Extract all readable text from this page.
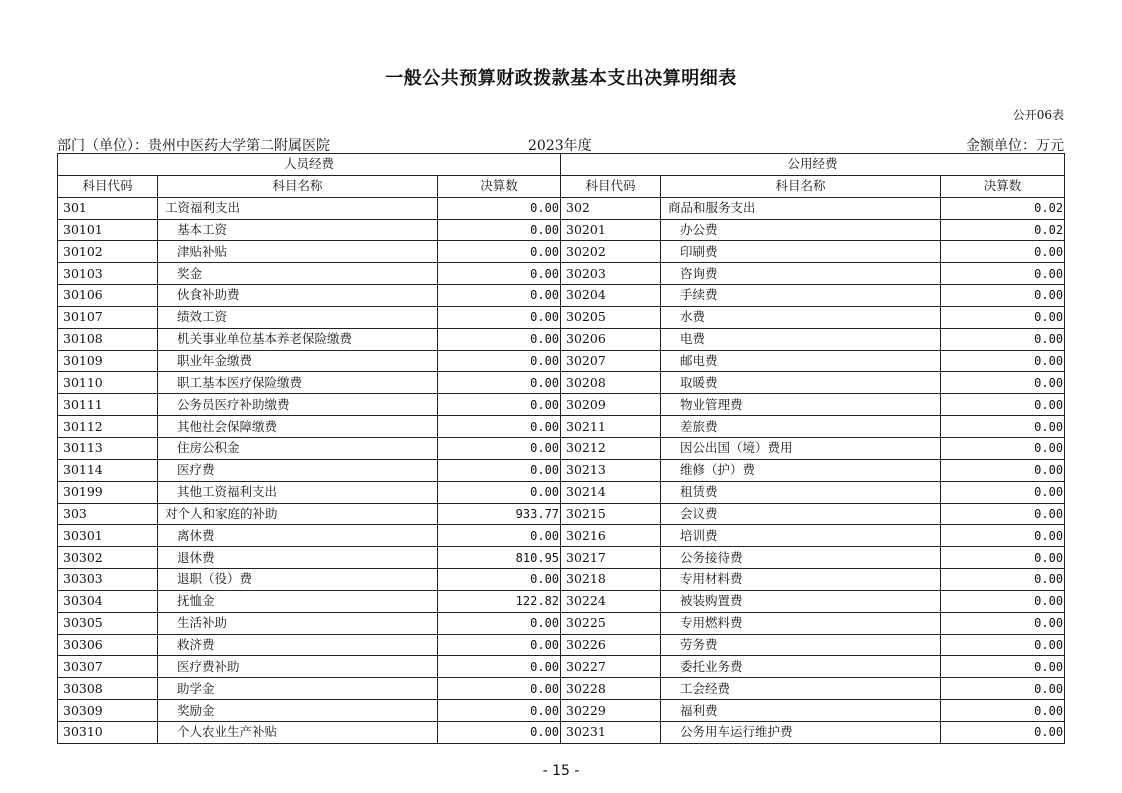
一般公共预算财政拨款基本支出决算明细表
公开06表
部门（单位）：贵州中医药大学第二附属医院	2023年度	金额单位：万元
人员经费			公用经费		
科目代码	科目名称	决算数	科目代码	科目名称	决算数
301	工资福利支出	0.00	302	商品和服务支出	0.02
30101	基本工资	0.00	30201	办公费	0.02
30102	津贴补贴	0.00	30202	印刷费	0.00
30103	奖金	0.00	30203	咨询费	0.00
30106	伙食补助费	0.00	30204	手续费	0.00
30107	绩效工资	0.00	30205	水费	0.00
30108	机关事业单位基本养老保险缴费	0.00	30206	电费	0.00
30109	职业年金缴费	0.00	30207	邮电费	0.00
30110	职工基本医疗保险缴费	0.00	30208	取暖费	0.00
30111	公务员医疗补助缴费	0.00	30209	物业管理费	0.00
30112	其他社会保障缴费	0.00	30211	差旅费	0.00
30113	住房公积金	0.00	30212	因公出国（境）费用	0.00
30114	医疗费	0.00	30213	维修（护）费	0.00
30199	其他工资福利支出	0.00	30214	租赁费	0.00
303	对个人和家庭的补助	933.77	30215	会议费	0.00
30301	离休费	0.00	30216	培训费	0.00
30302	退休费	810.95	30217	公务接待费	0.00
30303	退职（役）费	0.00	30218	专用材料费	0.00
30304	抚恤金	122.82	30224	被装购置费	0.00
30305	生活补助	0.00	30225	专用燃料费	0.00
30306	救济费	0.00	30226	劳务费	0.00
30307	医疗费补助	0.00	30227	委托业务费	0.00
30308	助学金	0.00	30228	工会经费	0.00
30309	奖励金	0.00	30229	福利费	0.00
30310	个人农业生产补贴	0.00	30231	公务用车运行维护费	0.00
- 15 -
